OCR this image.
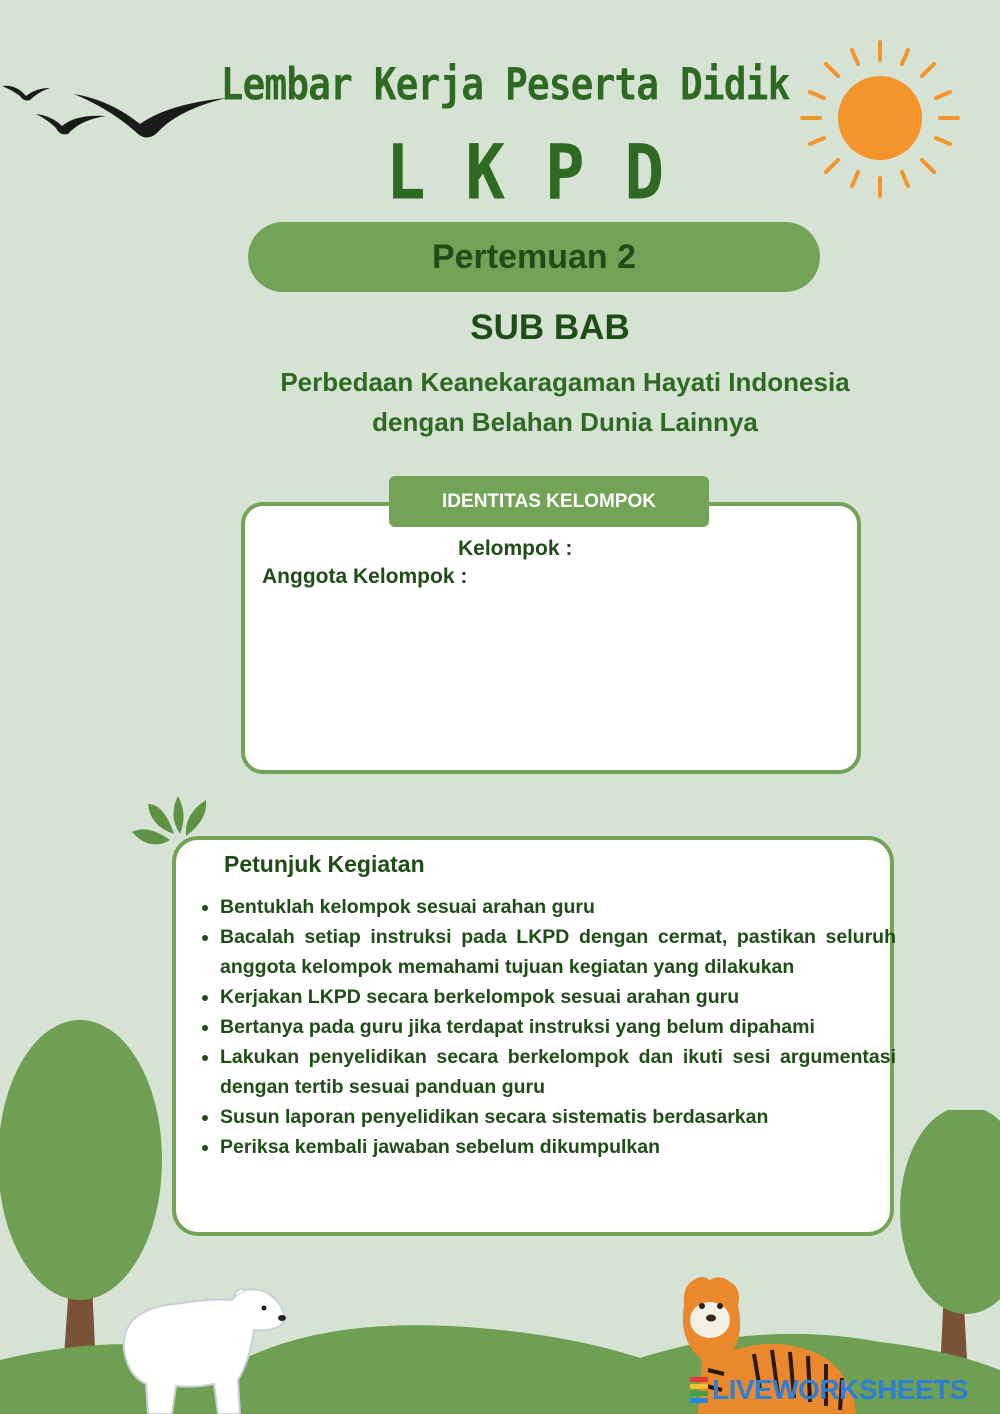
Lembar Kerja Peserta Didik
L K P D
Pertemuan 2
SUB BAB
Perbedaan Keanekaragaman Hayati Indonesia
dengan Belahan Dunia Lainnya
IDENTITAS KELOMPOK
Kelompok :
Anggota Kelompok :
Petunjuk Kegiatan
• Bentuklah kelompok sesuai arahan guru
• Bacalah setiap instruksi pada LKPD dengan cermat, pastikan seluruh anggota kelompok memahami tujuan kegiatan yang dilakukan
• Kerjakan LKPD secara berkelompok sesuai arahan guru
• Bertanya pada guru jika terdapat instruksi yang belum dipahami
• Lakukan penyelidikan secara berkelompok dan ikuti sesi argumentasi dengan tertib sesuai panduan guru
• Susun laporan penyelidikan secara sistematis berdasarkan
• Periksa kembali jawaban sebelum dikumpulkan
LIVEWORKSHEETS
